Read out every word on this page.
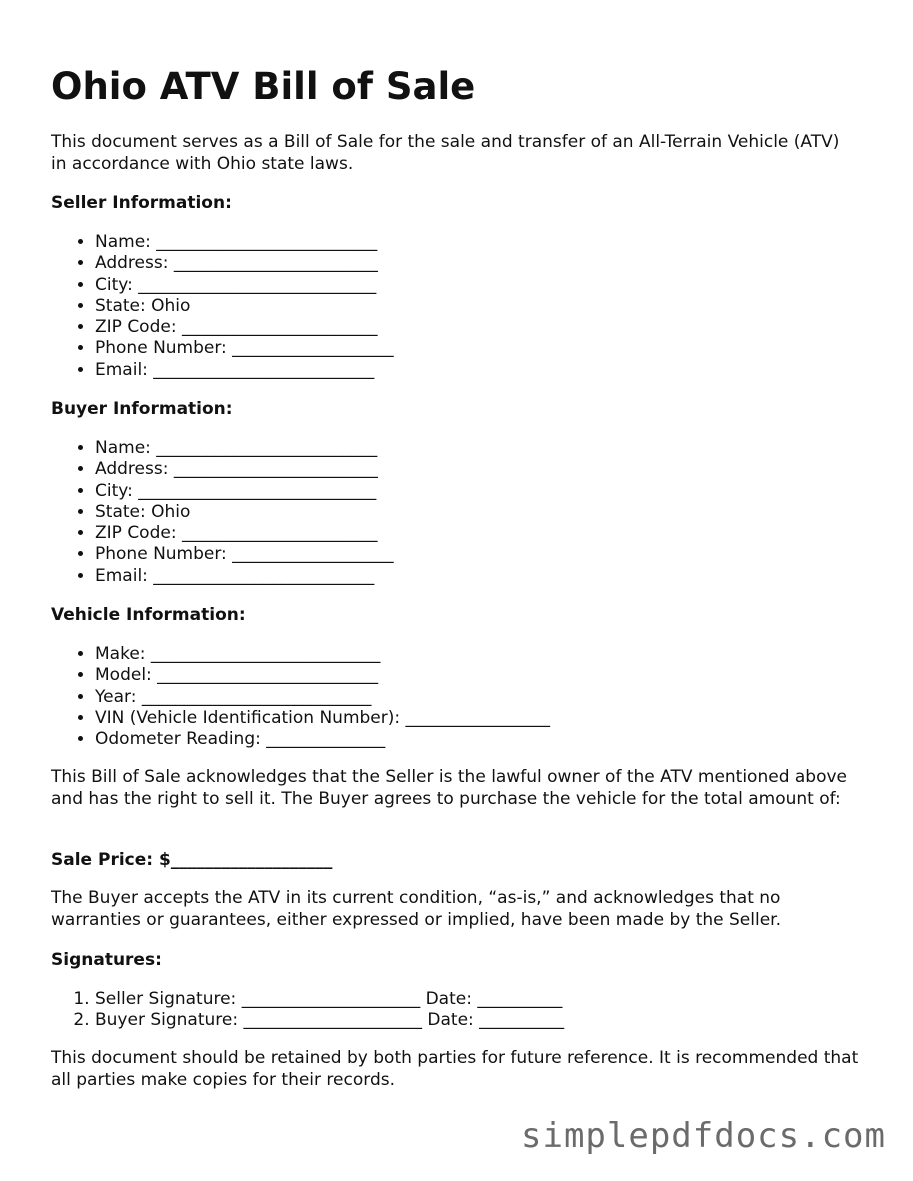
Ohio ATV Bill of Sale

This document serves as a Bill of Sale for the sale and transfer of an All-Terrain Vehicle (ATV) in accordance with Ohio state laws.

Seller Information:

• Name: __________________________
• Address: ________________________
• City: ____________________________
• State: Ohio
• ZIP Code: _______________________
• Phone Number: ___________________
• Email: __________________________

Buyer Information:

• Name: __________________________
• Address: ________________________
• City: ____________________________
• State: Ohio
• ZIP Code: _______________________
• Phone Number: ___________________
• Email: __________________________

Vehicle Information:

• Make: ___________________________
• Model: __________________________
• Year: ___________________________
• VIN (Vehicle Identification Number): _________________
• Odometer Reading: ______________

This Bill of Sale acknowledges that the Seller is the lawful owner of the ATV mentioned above and has the right to sell it. The Buyer agrees to purchase the vehicle for the total amount of:

Sale Price: $___________________

The Buyer accepts the ATV in its current condition, “as-is,” and acknowledges that no warranties or guarantees, either expressed or implied, have been made by the Seller.

Signatures:

1. Seller Signature: _____________________ Date: __________
2. Buyer Signature: _____________________ Date: __________

This document should be retained by both parties for future reference. It is recommended that all parties make copies for their records.

simplepdfdocs.com
